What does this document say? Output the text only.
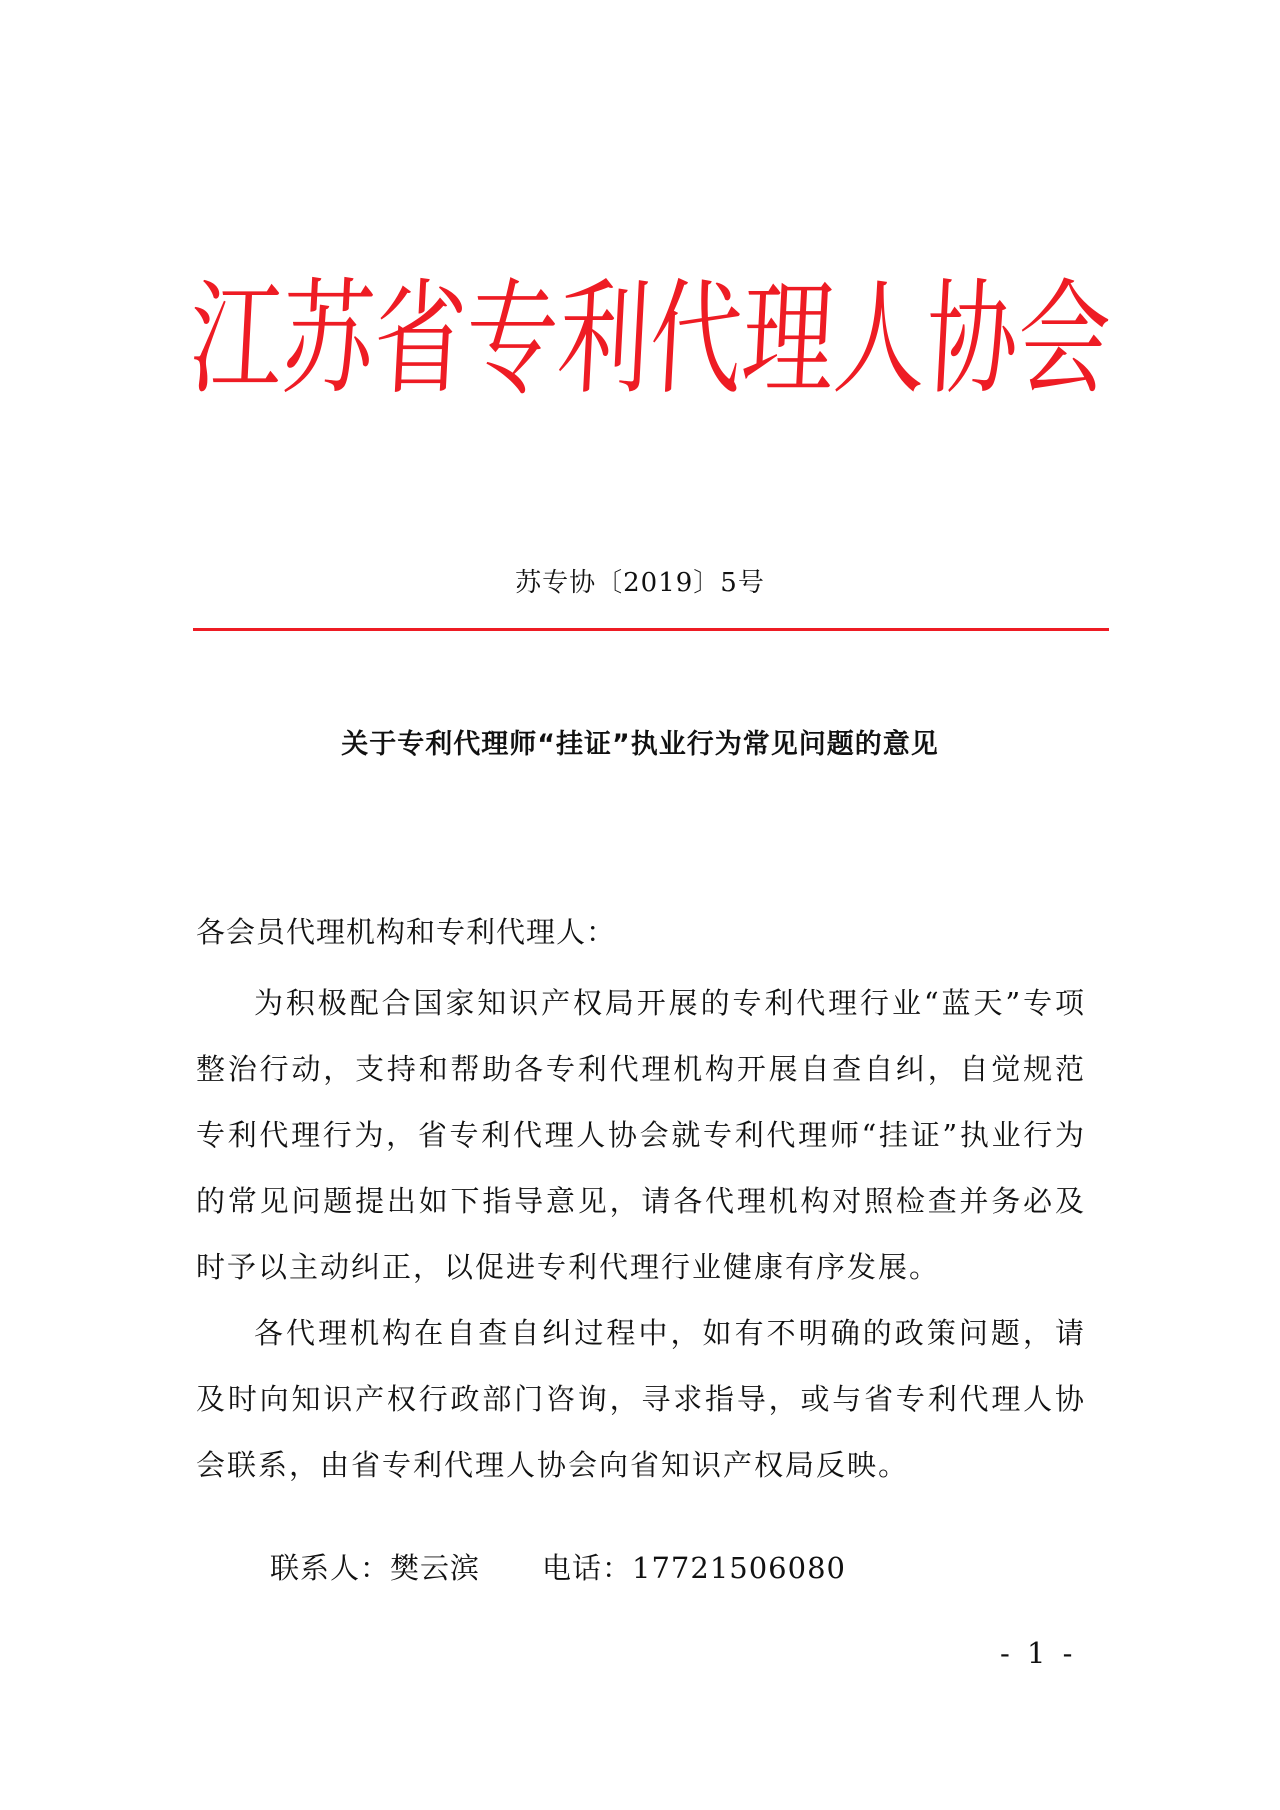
江
苏
省
专
利
代
理
人
协
会
苏专协〔2019〕5号
关于专利代理师“挂证”执业行为常见问题的意见
各会员代理机构和专利代理人：

为积极配合国家知识产权局开展的专利代理行业“蓝天”专项整治行动，支持和帮助各专利代理机构开展自查自纠，自觉规范专利代理行为，省专利代理人协会就专利代理师“挂证”执业行为的常见问题提出如下指导意见，请各代理机构对照检查并务必及时予以主动纠正，以促进专利代理行业健康有序发展。

各代理机构在自查自纠过程中，如有不明确的政策问题，请及时向知识产权行政部门咨询，寻求指导，或与省专利代理人协会联系，由省专利代理人协会向省知识产权局反映。

联系人：樊云滨 电话：17721506080
- 1 -
